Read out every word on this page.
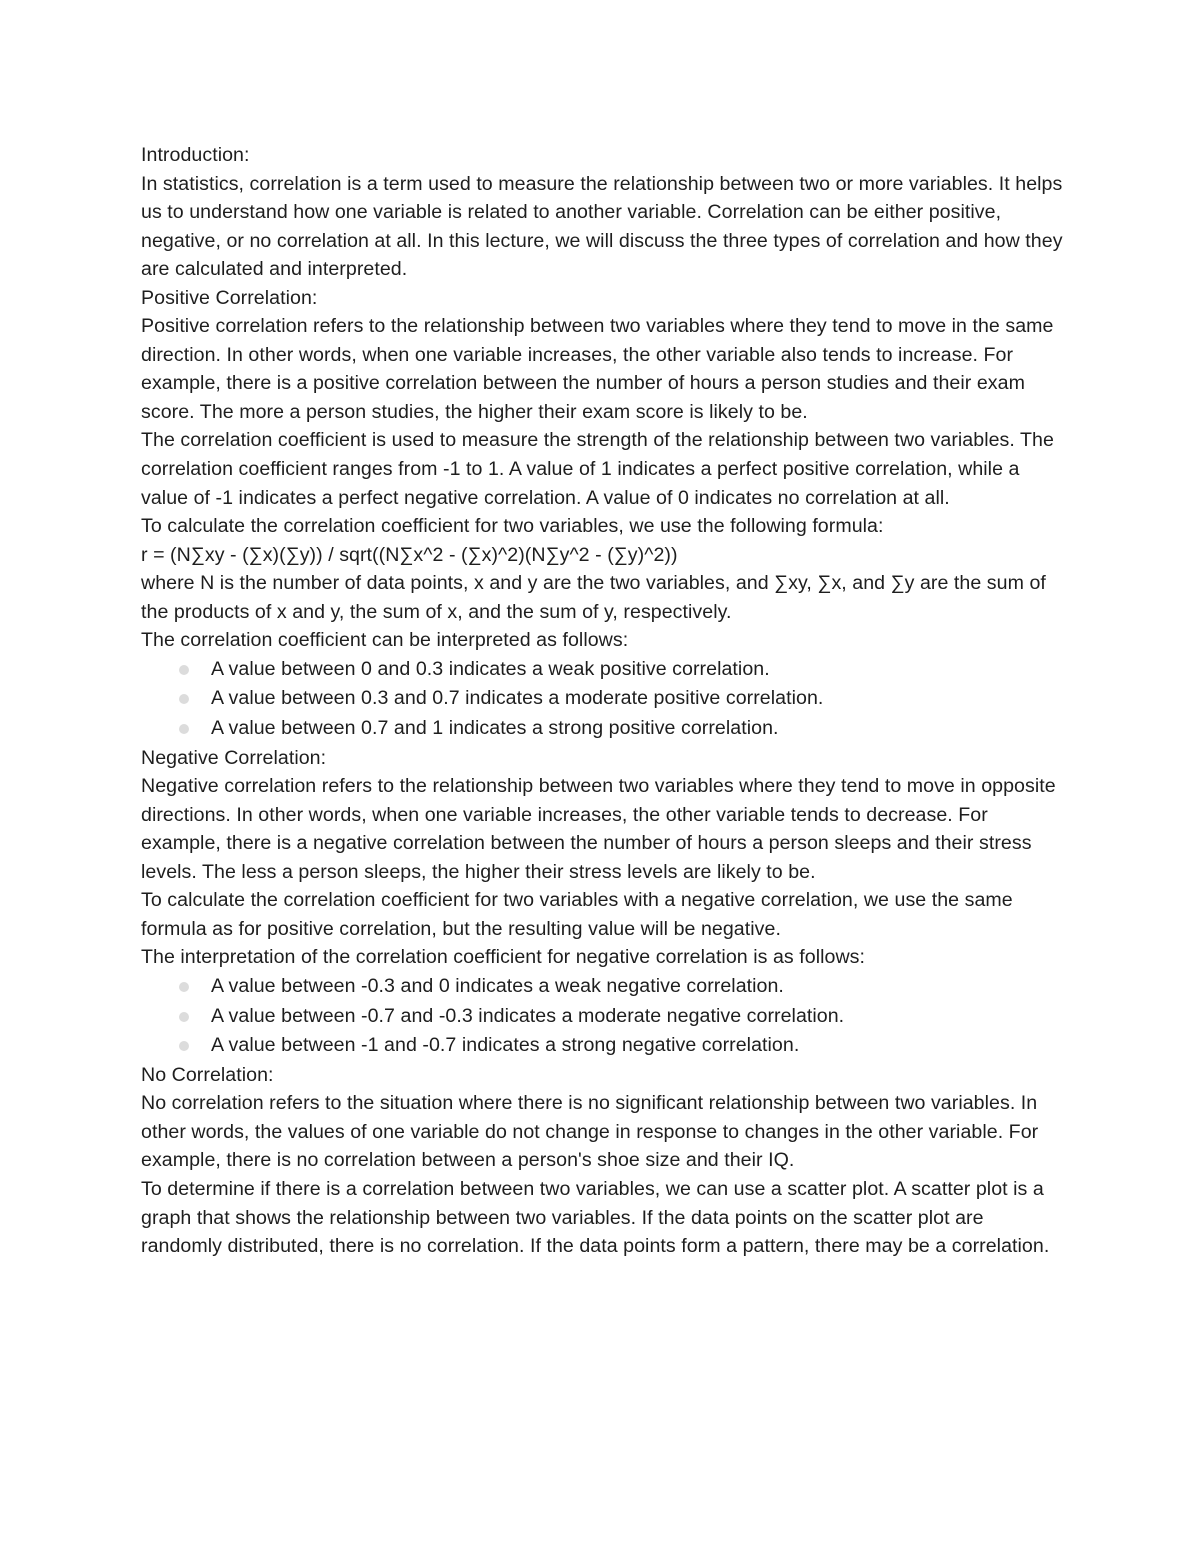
Introduction:

In statistics, correlation is a term used to measure the relationship between two or more variables. It helps us to understand how one variable is related to another variable. Correlation can be either positive, negative, or no correlation at all. In this lecture, we will discuss the three types of correlation and how they are calculated and interpreted.

Positive Correlation:

Positive correlation refers to the relationship between two variables where they tend to move in the same direction. In other words, when one variable increases, the other variable also tends to increase. For example, there is a positive correlation between the number of hours a person studies and their exam score. The more a person studies, the higher their exam score is likely to be.

The correlation coefficient is used to measure the strength of the relationship between two variables. The correlation coefficient ranges from -1 to 1. A value of 1 indicates a perfect positive correlation, while a value of -1 indicates a perfect negative correlation. A value of 0 indicates no correlation at all.

To calculate the correlation coefficient for two variables, we use the following formula:

r = (N∑xy - (∑x)(∑y)) / sqrt((N∑x^2 - (∑x)^2)(N∑y^2 - (∑y)^2))

where N is the number of data points, x and y are the two variables, and ∑xy, ∑x, and ∑y are the sum of the products of x and y, the sum of x, and the sum of y, respectively.

The correlation coefficient can be interpreted as follows:

A value between 0 and 0.3 indicates a weak positive correlation.
A value between 0.3 and 0.7 indicates a moderate positive correlation.
A value between 0.7 and 1 indicates a strong positive correlation.

Negative Correlation:

Negative correlation refers to the relationship between two variables where they tend to move in opposite directions. In other words, when one variable increases, the other variable tends to decrease. For example, there is a negative correlation between the number of hours a person sleeps and their stress levels. The less a person sleeps, the higher their stress levels are likely to be.

To calculate the correlation coefficient for two variables with a negative correlation, we use the same formula as for positive correlation, but the resulting value will be negative.

The interpretation of the correlation coefficient for negative correlation is as follows:

A value between -0.3 and 0 indicates a weak negative correlation.
A value between -0.7 and -0.3 indicates a moderate negative correlation.
A value between -1 and -0.7 indicates a strong negative correlation.

No Correlation:

No correlation refers to the situation where there is no significant relationship between two variables. In other words, the values of one variable do not change in response to changes in the other variable. For example, there is no correlation between a person's shoe size and their IQ.

To determine if there is a correlation between two variables, we can use a scatter plot. A scatter plot is a graph that shows the relationship between two variables. If the data points on the scatter plot are randomly distributed, there is no correlation. If the data points form a pattern, there may be a correlation.
